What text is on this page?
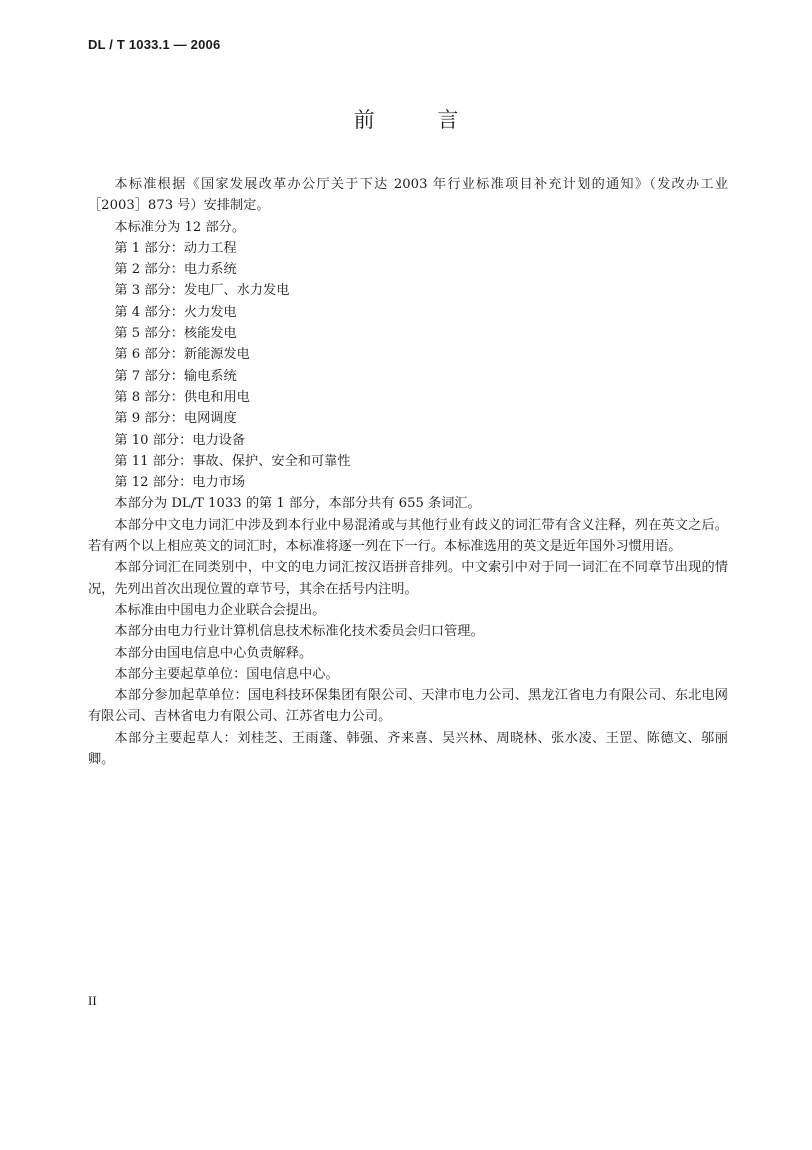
DL / T 1033.1 — 2006
前 言

本标准根据《国家发展改革办公厅关于下达 2003 年行业标准项目补充计划的通知》（发改办工业［2003］873 号）安排制定。

本标准分为 12 部分。

第 1 部分：动力工程

第 2 部分：电力系统

第 3 部分：发电厂、水力发电

第 4 部分：火力发电

第 5 部分：核能发电

第 6 部分：新能源发电

第 7 部分：输电系统

第 8 部分：供电和用电

第 9 部分：电网调度

第 10 部分：电力设备

第 11 部分：事故、保护、安全和可靠性

第 12 部分：电力市场

本部分为 DL/T 1033 的第 1 部分，本部分共有 655 条词汇。

本部分中文电力词汇中涉及到本行业中易混淆或与其他行业有歧义的词汇带有含义注释，列在英文之后。若有两个以上相应英文的词汇时，本标准将逐一列在下一行。本标准选用的英文是近年国外习惯用语。

本部分词汇在同类别中，中文的电力词汇按汉语拼音排列。中文索引中对于同一词汇在不同章节出现的情况，先列出首次出现位置的章节号，其余在括号内注明。

本标准由中国电力企业联合会提出。

本部分由电力行业计算机信息技术标准化技术委员会归口管理。

本部分由国电信息中心负责解释。

本部分主要起草单位：国电信息中心。

本部分参加起草单位：国电科技环保集团有限公司、天津市电力公司、黑龙江省电力有限公司、东北电网有限公司、吉林省电力有限公司、江苏省电力公司。

本部分主要起草人：刘桂芝、王雨蓬、韩强、齐来喜、吴兴林、周晓林、张水凌、王罡、陈德文、邬丽卿。

II
